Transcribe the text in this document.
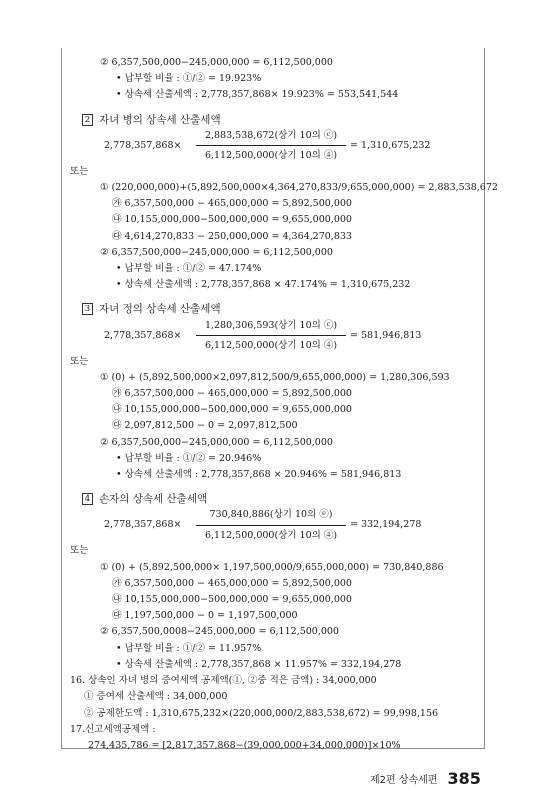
② 6,357,500,000−245,000,000 = 6,112,500,000
• 납부할 비율 : ①/② = 19.923%
• 상속세 산출세액 : 2,778,357,868× 19.923% = 553,541,544
2 자녀 병의 상속세 산출세액
2,778,357,868×
2,883,538,672(상기 10의 ⓒ)
6,112,500,000(상기 10의 ④)
= 1,310,675,232
또는
① (220,000,000)+(5,892,500,000×4,364,270,833/9,655,000,000) = 2,883,538,672
㉮ 6,357,500,000 − 465,000,000 = 5,892,500,000
㉯ 10,155,000,000−500,000,000 = 9,655,000,000
㉰ 4,614,270,833 − 250,000,000 = 4,364,270,833
② 6,357,500,000−245,000,000 = 6,112,500,000
• 납부할 비율 : ①/② = 47.174%
• 상속세 산출세액 : 2,778,357,868 × 47.174% = 1,310,675,232
3 자녀 정의 상속세 산출세액
2,778,357,868×
1,280,306,593(상기 10의 ⓒ)
6,112,500,000(상기 10의 ④)
= 581,946,813
또는
① (0) + (5,892,500,000×2,097,812,500/9,655,000,000) = 1,280,306,593
㉮ 6,357,500,000 − 465,000,000 = 5,892,500,000
㉯ 10,155,000,000−500,000,000 = 9,655,000,000
㉰ 2,097,812,500 − 0 = 2,097,812,500
② 6,357,500,000−245,000,000 = 6,112,500,000
• 납부할 비율 : ①/② = 20.946%
• 상속세 산출세액 : 2,778,357,868 × 20.946% = 581,946,813
4 손자의 상속세 산출세액
2,778,357,868×
730,840,886(상기 10의 ⓔ)
6,112,500,000(상기 10의 ④)
= 332,194,278
또는
① (0) + (5,892,500,000× 1,197,500,000/9,655,000,000) = 730,840,886
㉮ 6,357,500,000 − 465,000,000 = 5,892,500,000
㉯ 10,155,000,000−500,000,000 = 9,655,000,000
㉰ 1,197,500,000 − 0 = 1,197,500,000
② 6,357,500,0008−245,000,000 = 6,112,500,000
• 납부할 비율 : ①/② = 11.957%
• 상속세 산출세액 : 2,778,357,868 × 11.957% = 332,194,278
16. 상속인 자녀 병의 증여세액 공제액(①, ②중 적은 금액) : 34,000,000
① 증여세 산출세액 : 34,000,000
② 공제한도액 : 1,310,675,232×(220,000,000/2,883,538,672) = 99,998,156
17.신고세액공제액 :
274,435,786 = [2,817,357,868−(39,000,000+34,000,000)]×10%
제2편 상속세편 385
